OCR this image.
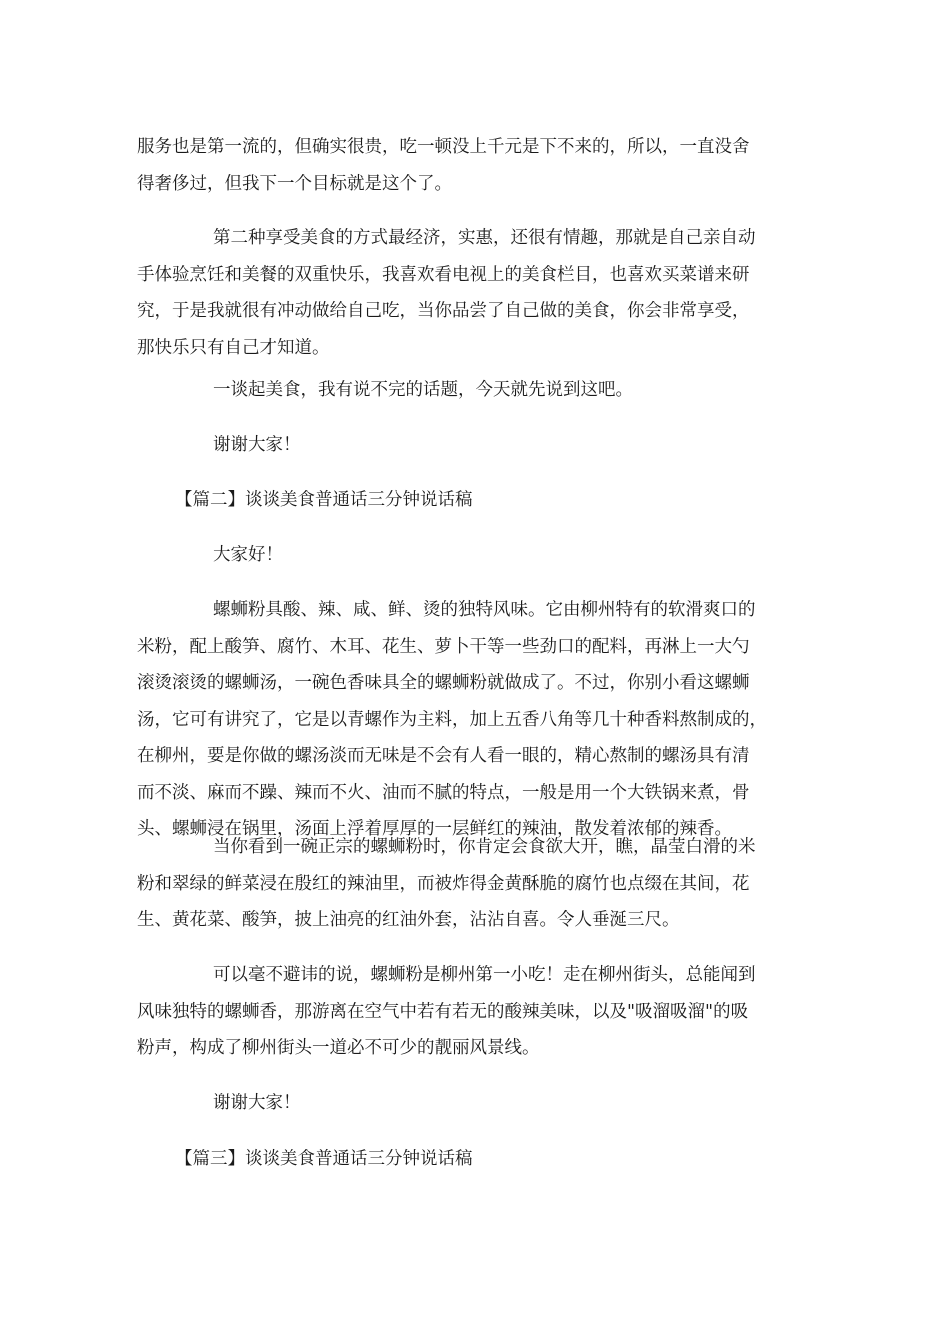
服务也是第一流的，但确实很贵，吃一顿没上千元是下不来的，所以，一直没舍
得奢侈过，但我下一个目标就是这个了。
第二种享受美食的方式最经济，实惠，还很有情趣，那就是自己亲自动
手体验烹饪和美餐的双重快乐，我喜欢看电视上的美食栏目，也喜欢买菜谱来研
究，于是我就很有冲动做给自己吃，当你品尝了自己做的美食，你会非常享受，
那快乐只有自己才知道。
一谈起美食，我有说不完的话题，今天就先说到这吧。
谢谢大家！
【篇二】谈谈美食普通话三分钟说话稿
大家好！
螺蛳粉具酸、辣、咸、鲜、烫的独特风味。它由柳州特有的软滑爽口的
米粉，配上酸笋、腐竹、木耳、花生、萝卜干等一些劲口的配料，再淋上一大勺
滚烫滚烫的螺蛳汤，一碗色香味具全的螺蛳粉就做成了。不过，你别小看这螺蛳
汤，它可有讲究了，它是以青螺作为主料，加上五香八角等几十种香料熬制成的，
在柳州，要是你做的螺汤淡而无味是不会有人看一眼的，精心熬制的螺汤具有清
而不淡、麻而不躁、辣而不火、油而不腻的特点，一般是用一个大铁锅来煮，骨
头、螺蛳浸在锅里，汤面上浮着厚厚的一层鲜红的辣油，散发着浓郁的辣香。
当你看到一碗正宗的螺蛳粉时，你肯定会食欲大开，瞧，晶莹白滑的米
粉和翠绿的鲜菜浸在殷红的辣油里，而被炸得金黄酥脆的腐竹也点缀在其间，花
生、黄花菜、酸笋，披上油亮的红油外套，沾沾自喜。令人垂涎三尺。
可以毫不避讳的说，螺蛳粉是柳州第一小吃！走在柳州街头，总能闻到
风味独特的螺蛳香，那游离在空气中若有若无的酸辣美味，以及"吸溜吸溜"的吸
粉声，构成了柳州街头一道必不可少的靓丽风景线。
谢谢大家！
【篇三】谈谈美食普通话三分钟说话稿
